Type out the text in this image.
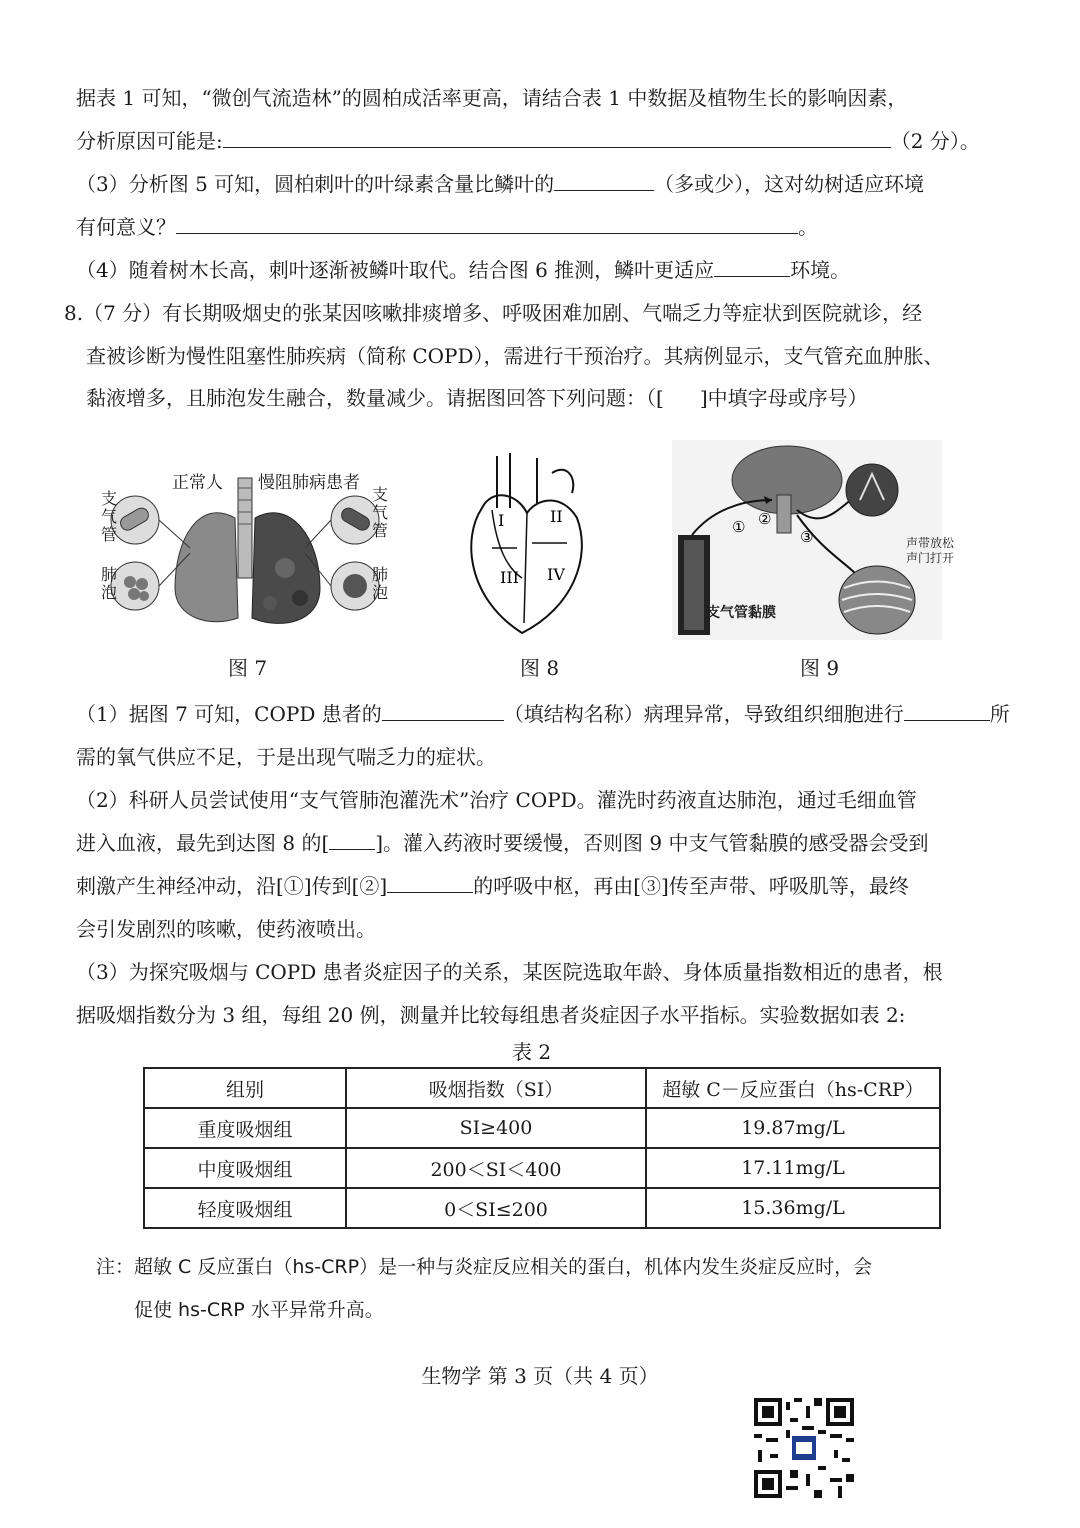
据表 1 可知，“微创气流造林”的圆柏成活率更高，请结合表 1 中数据及植物生长的影响因素，
分析原因可能是:	（2 分）。
（3）分析图 5 可知，圆柏刺叶的叶绿素含量比鳞叶的	（多或少），这对幼树适应环境
有何意义？	。
（4）随着树木长高，刺叶逐渐被鳞叶取代。结合图 6 推测，鳞叶更适应	环境。
8.（7 分）有长期吸烟史的张某因咳嗽排痰增多、呼吸困难加剧、气喘乏力等症状到医院就诊，经
查被诊断为慢性阻塞性肺疾病（简称 COPD），需进行干预治疗。其病例显示，支气管充血肿胀、
黏液增多，且肺泡发生融合，数量减少。请据图回答下列问题：（[ ]中填字母或序号）
正常人 慢阻肺病患者
支气管
肺泡
支气管
肺泡
图 7
I	II
III IV
图 8
① ②
③
支气管黏膜
声带放松
声门打开
图 9
（1）据图 7 可知，COPD 患者的	（填结构名称）病理异常，导致组织细胞进行	所
需的氧气供应不足，于是出现气喘乏力的症状。
（2）科研人员尝试使用“支气管肺泡灌洗术”治疗 COPD。灌洗时药液直达肺泡，通过毛细血管
进入血液，最先到达图 8 的[ ]。灌入药液时要缓慢，否则图 9 中支气管黏膜的感受器会受到
刺激产生神经冲动，沿[①]传到[②]	的呼吸中枢，再由[③]传至声带、呼吸肌等，最终
会引发剧烈的咳嗽，使药液喷出。
（3）为探究吸烟与 COPD 患者炎症因子的关系，某医院选取年龄、身体质量指数相近的患者，根
据吸烟指数分为 3 组，每组 20 例，测量并比较每组患者炎症因子水平指标。实验数据如表 2:
表 2
组别	吸烟指数（SI）	超敏 C－反应蛋白（hs-CRP）
重度吸烟组	SI≥400	19.87mg/L
中度吸烟组	200＜SI＜400	17.11mg/L
轻度吸烟组	0＜SI≤200	15.36mg/L
注：超敏 C 反应蛋白（hs-CRP）是一种与炎症反应相关的蛋白，机体内发生炎症反应时，会
促使 hs-CRP 水平异常升高。
生物学 第 3 页（共 4 页）
